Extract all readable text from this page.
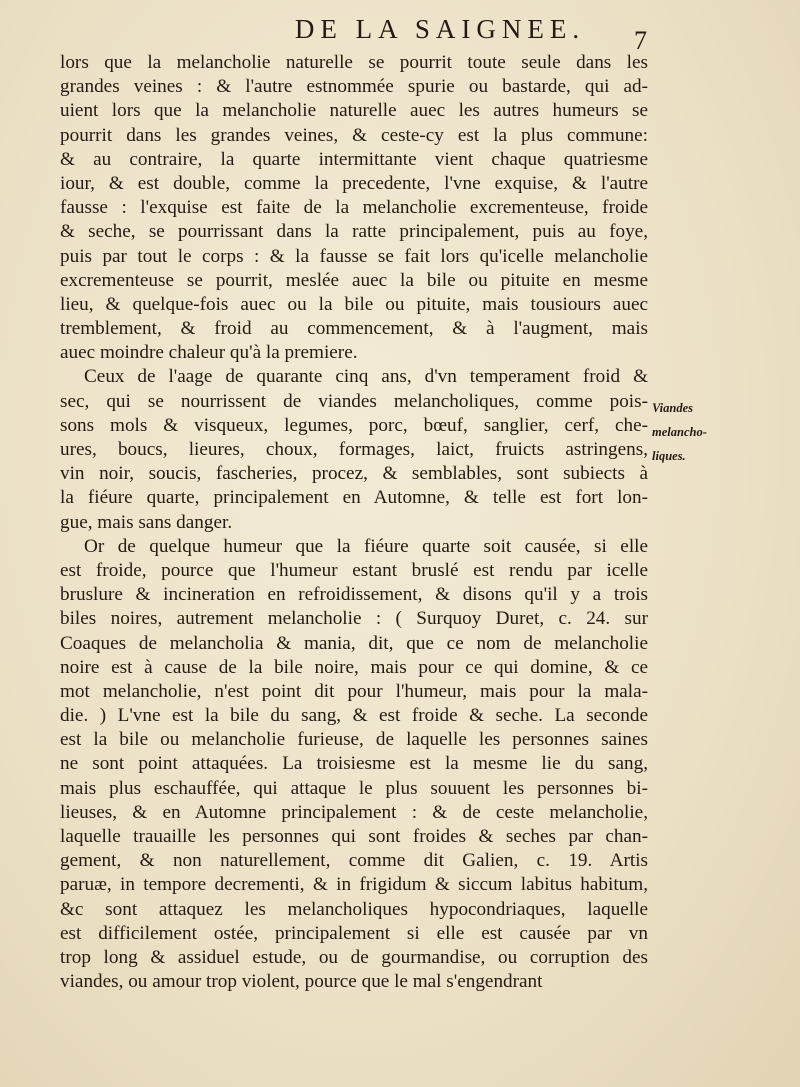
DE LA SAIGNEE.	7
lors que la melancholie naturelle se pourrit toute seule dans les
grandes veines : & l'autre estnommée spurie ou bastarde, qui ad-
uient lors que la melancholie naturelle auec les autres humeurs se
pourrit dans les grandes veines, & ceste-cy est la plus commune:
& au contraire, la quarte intermittante vient chaque quatriesme
iour, & est double, comme la precedente, l'vne exquise, & l'autre
fausse : l'exquise est faite de la melancholie excrementeuse, froide
& seche, se pourrissant dans la ratte principalement, puis au foye,
puis par tout le corps : & la fausse se fait lors qu'icelle melancholie
excrementeuse se pourrit, meslée auec la bile ou pituite en mesme
lieu, & quelque-fois auec ou la bile ou pituite, mais tousiours auec
tremblement, & froid au commencement, & à l'augment, mais
auec moindre chaleur qu'à la premiere.
Ceux de l'aage de quarante cinq ans, d'vn temperament froid &
sec, qui se nourrissent de viandes melancholiques, comme pois-
sons mols & visqueux, legumes, porc, bœuf, sanglier, cerf, che-
ures, boucs, lieures, choux, formages, laict, fruicts astringens,
vin noir, soucis, fascheries, procez, & semblables, sont subiects à
la fiéure quarte, principalement en Automne, & telle est fort lon-
gue, mais sans danger.
Or de quelque humeur que la fiéure quarte soit causée, si elle
est froide, pource que l'humeur estant bruslé est rendu par icelle
bruslure & incineration en refroidissement, & disons qu'il y a trois
biles noires, autrement melancholie : ( Surquoy Duret, c. 24. sur
Coaques de melancholia & mania, dit, que ce nom de melancholie
noire est à cause de la bile noire, mais pour ce qui domine, & ce
mot melancholie, n'est point dit pour l'humeur, mais pour la mala-
die. ) L'vne est la bile du sang, & est froide & seche. La seconde
est la bile ou melancholie furieuse, de laquelle les personnes saines
ne sont point attaquées. La troisiesme est la mesme lie du sang,
mais plus eschauffée, qui attaque le plus souuent les personnes bi-
lieuses, & en Automne principalement : & de ceste melancholie,
laquelle trauaille les personnes qui sont froides & seches par chan-
gement, & non naturellement, comme dit Galien, c. 19. Artis
paruæ, in tempore decrementi, & in frigidum & siccum labitus habitum,
&c sont attaquez les melancholiques hypocondriaques, laquelle
est difficilement ostée, principalement si elle est causée par vn
trop long & assiduel estude, ou de gourmandise, ou corruption des
viandes, ou amour trop violent, pource que le mal s'engendrant
Viandes
melancho-
liques.
